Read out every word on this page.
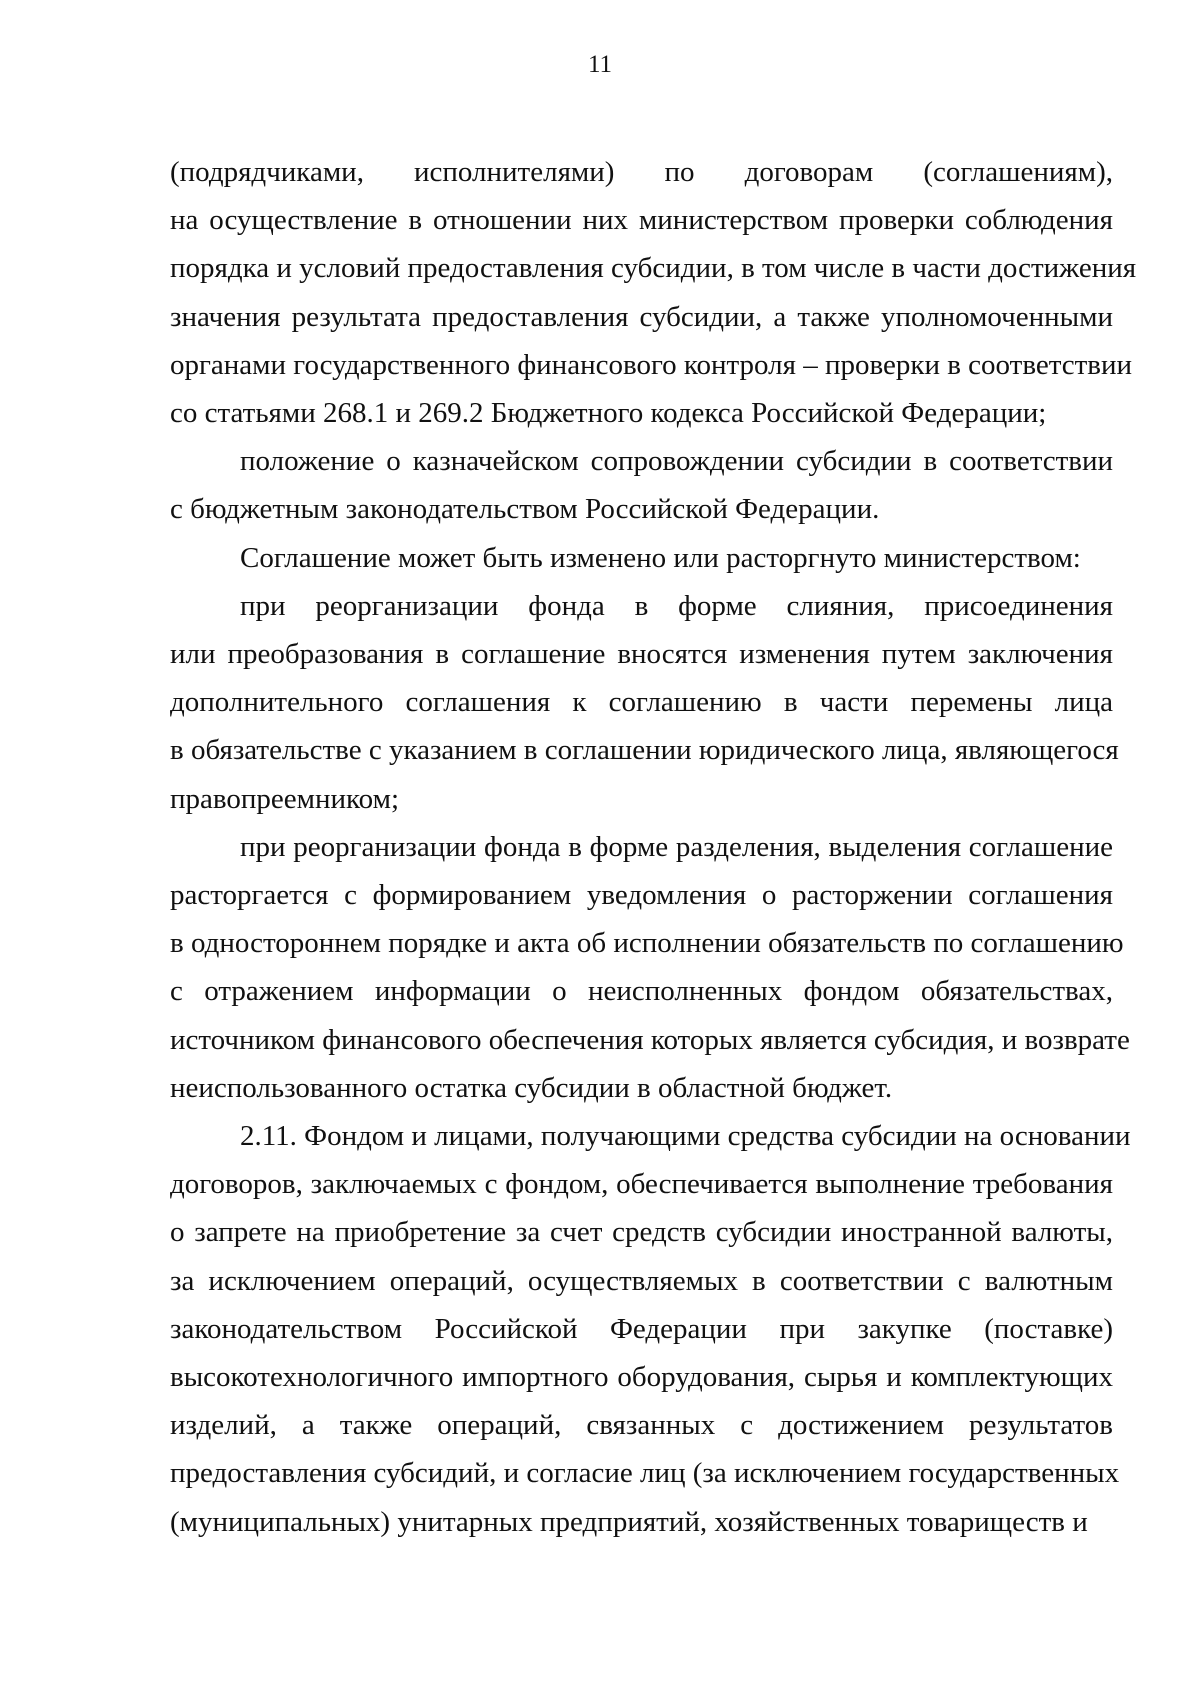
11

(подрядчиками, исполнителями) по договорам (соглашениям),
на осуществление в отношении них министерством проверки соблюдения
порядка и условий предоставления субсидии, в том числе в части достижения
значения результата предоставления субсидии, а также уполномоченными
органами государственного финансового контроля – проверки в соответствии
со статьями 268.1 и 269.2 Бюджетного кодекса Российской Федерации;

положение о казначейском сопровождении субсидии в соответствии
с бюджетным законодательством Российской Федерации.

Соглашение может быть изменено или расторгнуто министерством:

при реорганизации фонда в форме слияния, присоединения
или преобразования в соглашение вносятся изменения путем заключения
дополнительного соглашения к соглашению в части перемены лица
в обязательстве с указанием в соглашении юридического лица, являющегося
правопреемником;

при реорганизации фонда в форме разделения, выделения соглашение
расторгается с формированием уведомления о расторжении соглашения
в одностороннем порядке и акта об исполнении обязательств по соглашению
с отражением информации о неисполненных фондом обязательствах,
источником финансового обеспечения которых является субсидия, и возврате
неиспользованного остатка субсидии в областной бюджет.

2.11. Фондом и лицами, получающими средства субсидии на основании
договоров, заключаемых с фондом, обеспечивается выполнение требования
о запрете на приобретение за счет средств субсидии иностранной валюты,
за исключением операций, осуществляемых в соответствии с валютным
законодательством Российской Федерации при закупке (поставке)
высокотехнологичного импортного оборудования, сырья и комплектующих
изделий, а также операций, связанных с достижением результатов
предоставления субсидий, и согласие лиц (за исключением государственных
(муниципальных) унитарных предприятий, хозяйственных товариществ и
